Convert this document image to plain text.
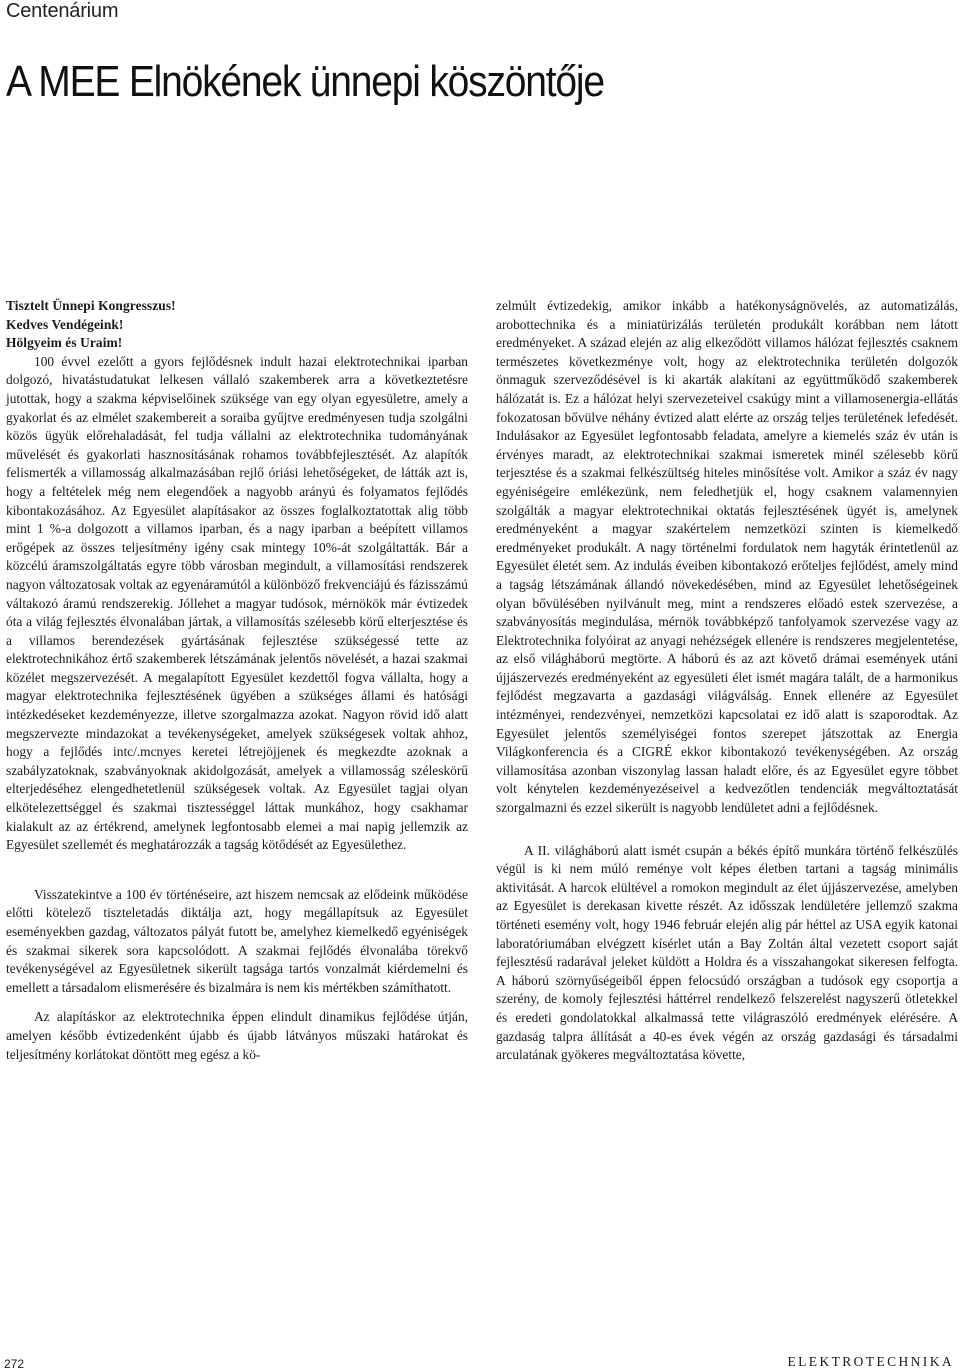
Centenárium
A MEE Elnökének ünnepi köszöntője

Tisztelt Ünnepi Kongresszus!

Kedves Vendégeink!

Hölgyeim és Uraim!

100 évvel ezelőtt a gyors fejlődésnek indult hazai elektrotechnikai iparban dolgozó, hivatástudatukat lelkesen vállaló szakemberek arra a következtetésre jutottak, hogy a szakma képviselőinek szüksége van egy olyan egyesületre, amely a gyakorlat és az elmélet szakembereit a soraiba gyűjtve eredményesen tudja szolgálni közös ügyük előrehaladását, fel tudja vállalni az elektrotechnika tudományának művelését és gyakorlati hasznosításának rohamos továbbfejlesztését. Az alapítók felismerték a villamosság alkalmazásában rejlő óriási lehetőségeket, de látták azt is, hogy a feltételek még nem elegendőek a nagyobb arányú és folyamatos fejlődés kibontakozásához. Az Egyesület alapításakor az összes foglalkoztatottak alig több mint 1 %-a dolgozott a villamos iparban, és a nagy iparban a beépített villamos erőgépek az összes teljesítmény igény csak mintegy 10%-át szolgáltatták. Bár a közcélú áramszolgáltatás egyre több városban megindult, a villamosítási rendszerek nagyon változatosak voltak az egyenáramútól a különböző frekvenciájú és fázisszámú váltakozó áramú rendszerekig. Jóllehet a magyar tudósok, mérnökök már évtizedek óta a világ fejlesztés élvonalában jártak, a villamosítás szélesebb körű elterjesztése és a villamos berendezések gyártásának fejlesztése szükségessé tette az elektrotechnikához értő szakemberek létszámának jelentős növelését, a hazai szakmai közélet megszervezését. A megalapított Egyesület kezdettől fogva vállalta, hogy a magyar elektrotechnika fejlesztésének ügyében a szükséges állami és hatósági intézkedéseket kezdeményezze, illetve szorgalmazza azokat. Nagyon rövid idő alatt megszervezte mindazokat a tevékenységeket, amelyek szükségesek voltak ahhoz, hogy a fejlődés intc/.mcnyes keretei létrejöjjenek és megkezdte azoknak a szabályzatoknak, szabványoknak akidolgozását, amelyek a villamosság széleskörű elterjedéséhez elengedhetetlenül szükségesek voltak. Az Egyesület tagjai olyan elkötelezettséggel és szakmai tisztességgel láttak munkához, hogy csakhamar kialakult az az értékrend, amelynek legfontosabb elemei a mai napig jellemzik az Egyesület szellemét és meghatározzák a tagság kötődését az Egyesülethez.

Visszatekintve a 100 év történéseire, azt hiszem nemcsak az elődeink működése előtti kötelező tiszteletadás diktálja azt, hogy megállapítsuk az Egyesület eseményekben gazdag, változatos pályát futott be, amelyhez kiemelkedő egyéniségek és szakmai sikerek sora kapcsolódott. A szakmai fejlődés élvonalába törekvő tevékenységével az Egyesületnek sikerült tagsága tartós vonzalmát kiérdemelni és emellett a társadalom elismerésére és bizalmára is nem kis mértékben számíthatott.

Az alapításkor az elektrotechnika éppen elindult dinamikus fejlődése útján, amelyen később évtizedenként újabb és újabb látványos műszaki határokat és teljesítmény korlátokat döntött meg egész a kö-

zelmúlt évtizedekig, amikor inkább a hatékonyságnövelés, az automatizálás, arobottechnika és a miniatürizálás területén produkált korábban nem látott eredményeket. A század elején az alig elkeződött villamos hálózat fejlesztés csaknem természetes következménye volt, hogy az elektrotechnika területén dolgozók önmaguk szerveződésével is ki akarták alakítani az együttműködő szakemberek hálózatát is. Ez a hálózat helyi szervezeteivel csakúgy mint a villamosenergia-ellátás fokozatosan bővülve néhány évtized alatt elérte az ország teljes területének lefedését. Indulásakor az Egyesület legfontosabb feladata, amelyre a kiemelés száz év után is érvényes maradt, az elektrotechnikai szakmai ismeretek minél szélesebb körű terjesztése és a szakmai felkészültség hiteles minősítése volt. Amikor a száz év nagy egyéniségeire emlékezünk, nem feledhetjük el, hogy csaknem valamennyien szolgálták a magyar elektrotechnikai oktatás fejlesztésének ügyét is, amelynek eredményeként a magyar szakértelem nemzetközi szinten is kiemelkedő eredményeket produkált. A nagy történelmi fordulatok nem hagyták érintetlenül az Egyesület életét sem. Az indulás éveiben kibontakozó erőteljes fejlődést, amely mind a tagság létszámának állandó növekedésében, mind az Egyesület lehetőségeinek olyan bővülésében nyilvánult meg, mint a rendszeres előadó estek szervezése, a szabványosítás megindulása, mérnök továbbképző tanfolyamok szervezése vagy az Elektrotechnika folyóirat az anyagi nehézségek ellenére is rendszeres megjelentetése, az első világháború megtörte. A háború és az azt követő drámai események utáni újjászervezés eredményeként az egyesületi élet ismét magára talált, de a harmonikus fejlődést megzavarta a gazdasági világválság. Ennek ellenére az Egyesület intézményei, rendezvényei, nemzetközi kapcsolatai ez idő alatt is szaporodtak. Az Egyesület jelentős személyiségei fontos szerepet játszottak az Energia Világkonferencia és a CIGRÉ ekkor kibontakozó tevékenységében. Az ország villamosítása azonban viszonylag lassan haladt előre, és az Egyesület egyre többet volt kénytelen kezdeményezéseivel a kedvezőtlen tendenciák megváltoztatását szorgalmazni és ezzel sikerült is nagyobb lendületet adni a fejlődésnek.

A II. világháború alatt ismét csupán a békés építő munkára történő felkészülés végül is ki nem múló reménye volt képes életben tartani a tagság minimális aktivitását. A harcok elültével a romokon megindult az élet újjászervezése, amelyben az Egyesület is derekasan kivette részét. Az idősszak lendületére jellemző szakma történeti esemény volt, hogy 1946 február elején alig pár héttel az USA egyik katonai laboratóriumában elvégzett kísérlet után a Bay Zoltán által vezetett csoport saját fejlesztésű radarával jeleket küldött a Holdra és a visszahangokat sikeresen felfogta. A háború szörnyűségeiből éppen felocsúdó országban a tudósok egy csoportja a szerény, de komoly fejlesztési háttérrel rendelkező felszerelést nagyszerű ötletekkel és eredeti gondolatokkal alkalmassá tette világraszóló eredmények elérésére. A gazdaság talpra állítását a 40-es évek végén az ország gazdasági és társadalmi arculatának gyökeres megváltoztatása követte,

272	ELEKTROTECHNIKA
